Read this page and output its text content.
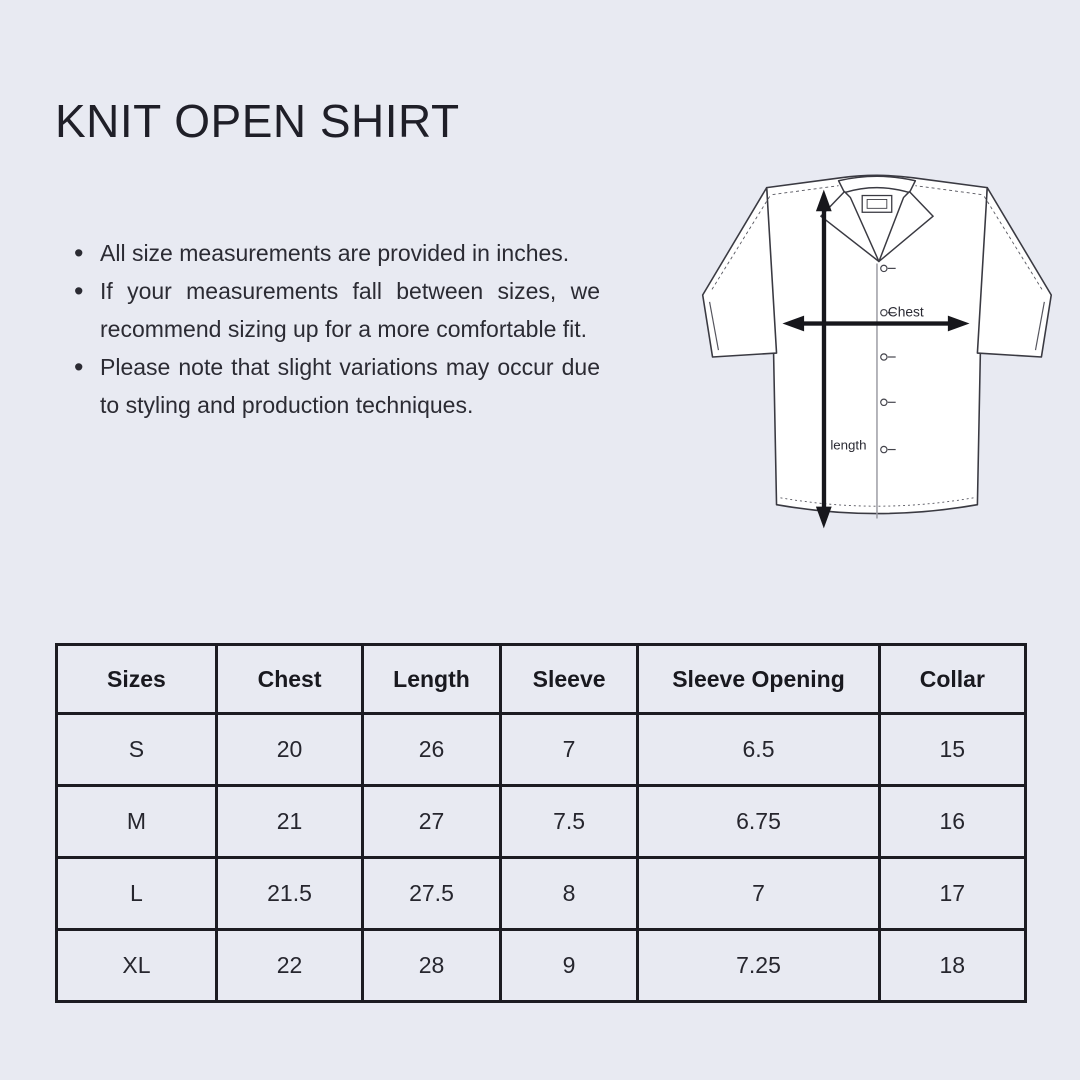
KNIT OPEN SHIRT
• All size measurements are provided in inches.

• If your measurements fall between sizes, we recommend sizing up for a more comfortable fit.

• Please note that slight variations may occur due to styling and production techniques.

Chest
length
Sizes	Chest	Length	Sleeve	Sleeve Opening	Collar
S	20	26	7	6.5	15
M	21	27	7.5	6.75	16
L	21.5	27.5	8	7	17
XL	22	28	9	7.25	18
